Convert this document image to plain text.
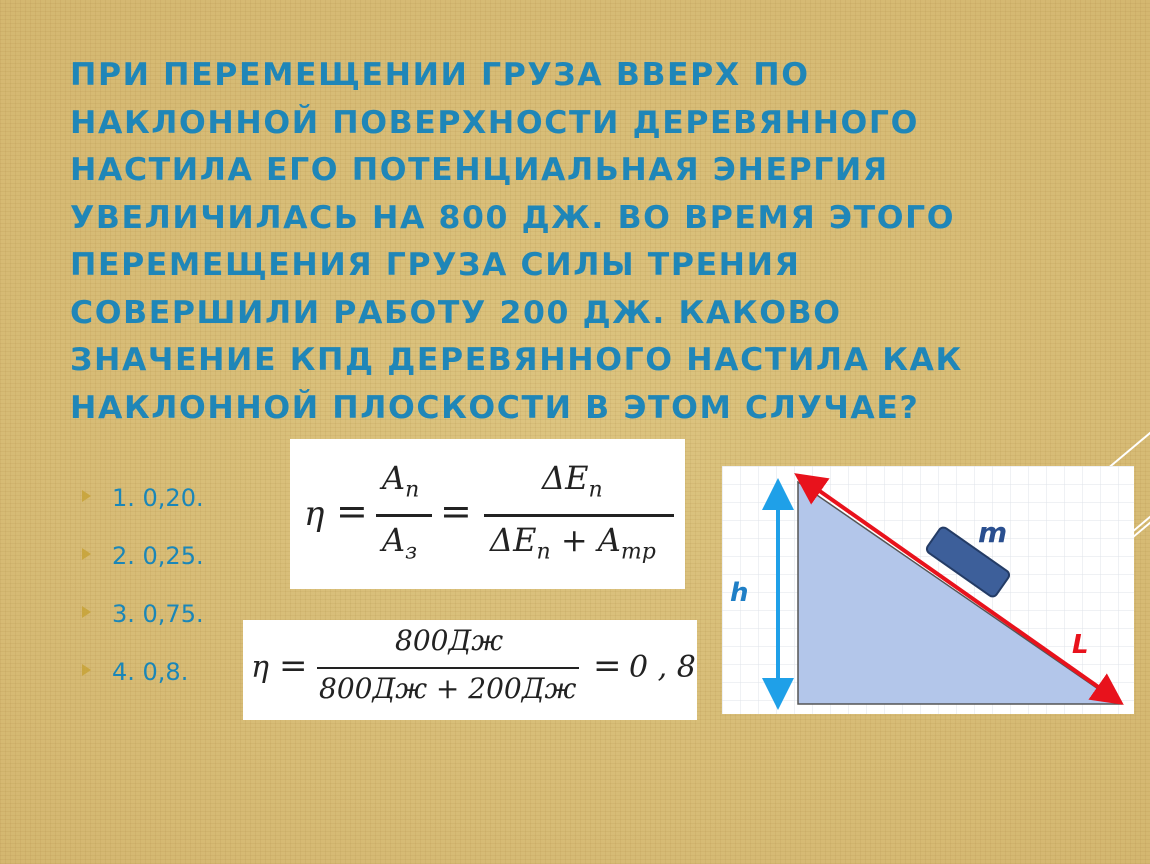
ПРИ ПЕРЕМЕЩЕНИИ ГРУЗА ВВЕРХ ПО НАКЛОННОЙ ПОВЕРХНОСТИ ДЕРЕВЯННОГО НАСТИЛА ЕГО ПОТЕНЦИАЛЬНАЯ ЭНЕРГИЯ УВЕЛИЧИЛАСЬ НА 800 ДЖ. ВО ВРЕМЯ ЭТОГО ПЕРЕМЕЩЕНИЯ ГРУЗА СИЛЫ ТРЕНИЯ СОВЕРШИЛИ РАБОТУ 200 ДЖ. КАКОВО ЗНАЧЕНИЕ КПД ДЕРЕВЯННОГО НАСТИЛА КАК НАКЛОННОЙ ПЛОСКОСТИ В ЭТОМ СЛУЧАЕ?
1. 0,20.
2. 0,25.
3. 0,75.
4. 0,8.
η =
$A_п$
$A_з$
=
$\Delta E_п$
$\Delta E_п + A_{тр}$
η =
800Дж
800Дж + 200Дж
= 0 , 8
h
m
L
